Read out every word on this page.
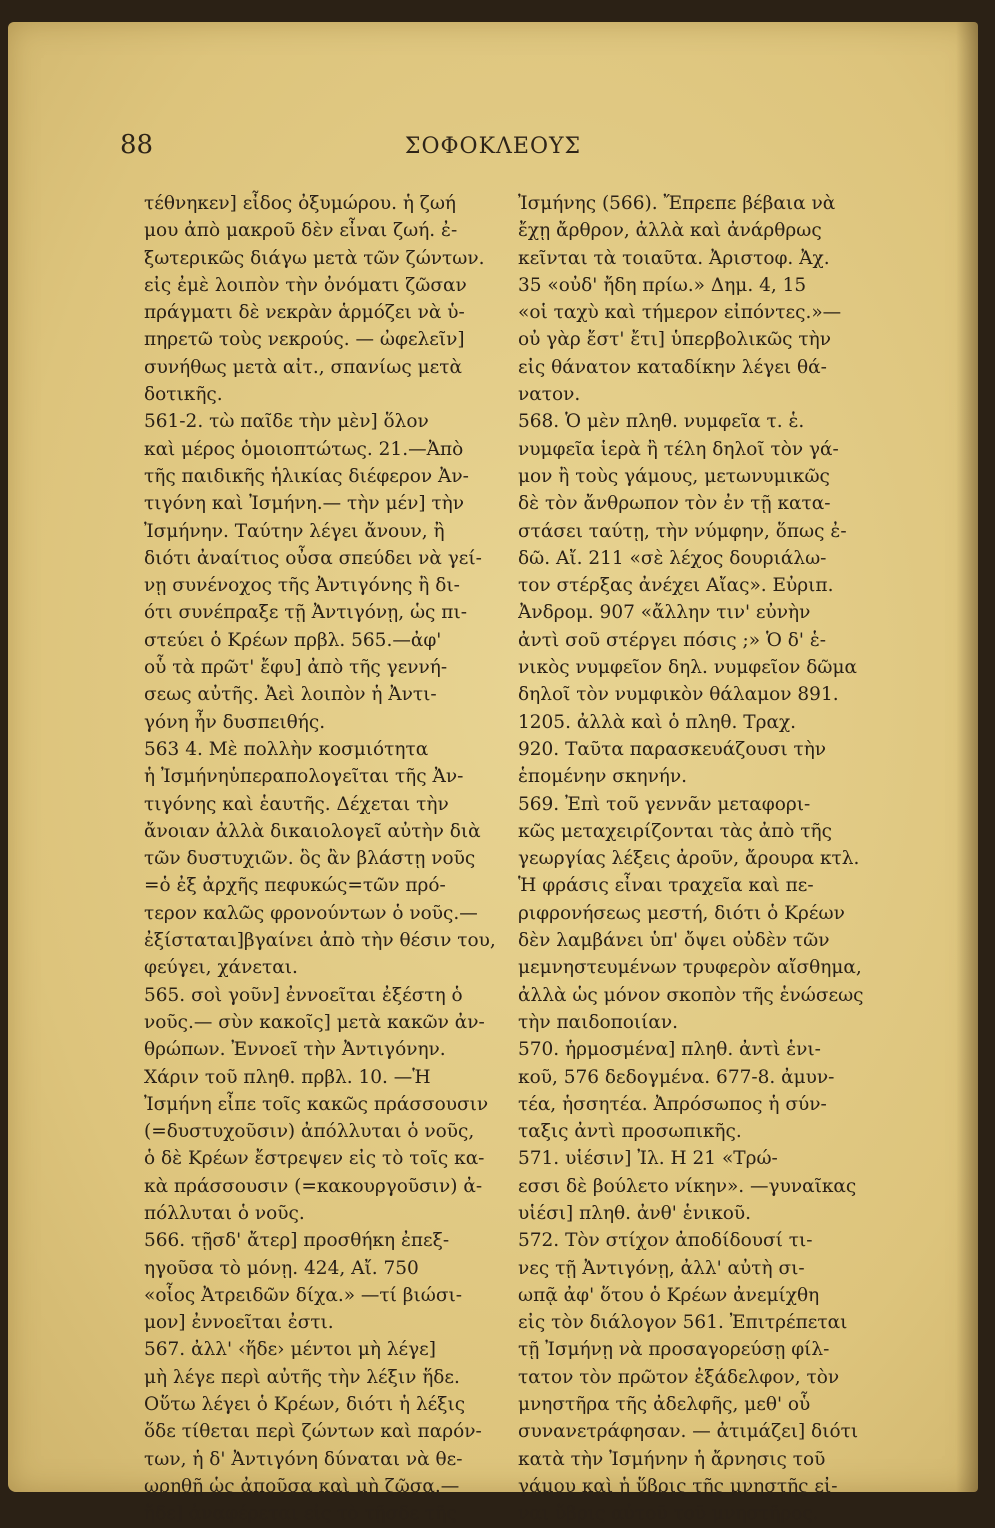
88	ΣΟΦΟΚΛΕΟΥΣ
τέθνηκεν] εἶδος ὀξυμώρου. ἡ ζωή
μου ἀπὸ μακροῦ δὲν εἶναι ζωή. ἐ-
ξωτερικῶς διάγω μετὰ τῶν ζώντων.
εἰς ἐμὲ λοιπὸν τὴν ὀνόματι ζῶσαν
πράγματι δὲ νεκρὰν ἁρμόζει νὰ ὑ-
πηρετῶ τοὺς νεκρούς. — ὠφελεῖν]
συνήθως μετὰ αἰτ., σπανίως μετὰ
δοτικῆς.
561-2. τὼ παῖδε τὴν μὲν] ὅλον
καὶ μέρος ὁμοιοπτώτως. 21.—Ἀπὸ
τῆς παιδικῆς ἡλικίας διέφερον Ἀν-
τιγόνη καὶ Ἰσμήνη.— τὴν μέν] τὴν
Ἰσμήνην. Ταύτην λέγει ἄνουν, ἢ
διότι ἀναίτιος οὖσα σπεύδει νὰ γεί-
νῃ συνένοχος τῆς Ἀντιγόνης ἢ δι-
ότι συνέπραξε τῇ Ἀντιγόνῃ, ὡς πι-
στεύει ὁ Κρέων πρβλ. 565.—ἀφ'
οὗ τὰ πρῶτ' ἔφυ] ἀπὸ τῆς γεννή-
σεως αὐτῆς. Ἀεὶ λοιπὸν ἡ Ἀντι-
γόνη ἦν δυσπειθής.
563 4. Μὲ πολλὴν κοσμιότητα
ἡ Ἰσμήνηὑπεραπολογεῖται τῆς Ἀν-
τιγόνης καὶ ἑαυτῆς. Δέχεται τὴν
ἄνοιαν ἀλλὰ δικαιολογεῖ αὐτὴν διὰ
τῶν δυστυχιῶν. ὃς ἂν βλάστῃ νοῦς
=ὁ ἐξ ἀρχῆς πεφυκώς=τῶν πρό-
τερον καλῶς φρονούντων ὁ νοῦς.—
ἐξίσταται]βγαίνει ἀπὸ τὴν θέσιν του,
φεύγει, χάνεται.
565. σοὶ γοῦν] ἐννοεῖται ἐξέστη ὁ
νοῦς.— σὺν κακοῖς] μετὰ κακῶν ἀν-
θρώπων. Ἐννοεῖ τὴν Ἀντιγόνην.
Χάριν τοῦ πληθ. πρβλ. 10. —Ἡ
Ἰσμήνη εἶπε τοῖς κακῶς πράσσουσιν
(=δυστυχοῦσιν) ἀπόλλυται ὁ νοῦς,
ὁ δὲ Κρέων ἔστρεψεν εἰς τὸ τοῖς κα-
κὰ πράσσουσιν (=κακουργοῦσιν) ἀ-
πόλλυται ὁ νοῦς.
566. τῇσδ' ἄτερ] προσθήκη ἐπεξ-
ηγοῦσα τὸ μόνῃ. 424, Αἴ. 750
«οἷος Ἀτρειδῶν δίχα.» —τί βιώσι-
μον] ἐννοεῖται ἐστι.
567. ἀλλ' ‹ἥδε› μέντοι μὴ λέγε]
μὴ λέγε περὶ αὐτῆς τὴν λέξιν ἥδε.
Οὕτω λέγει ὁ Κρέων, διότι ἡ λέξις
ὅδε τίθεται περὶ ζώντων καὶ παρόν-
των, ἡ δ' Ἀντιγόνη δύναται νὰ θε-
ωρηθῇ ὡς ἀποῦσα καὶ μὴ ζῶσα.—
ἥδε] ἀναφέρεται εἰς τὸ τῇσδε τῆς
Ἰσμήνης (566). Ἔπρεπε βέβαια νὰ
ἔχῃ ἄρθρον, ἀλλὰ καὶ ἀνάρθρως
κεῖνται τὰ τοιαῦτα. Ἀριστοφ. Ἀχ.
35 «οὐδ' ἤδη πρίω.» Δημ. 4, 15
«οἱ ταχὺ καὶ τήμερον εἰπόντες.»—
οὐ γὰρ ἔστ' ἔτι] ὑπερβολικῶς τὴν
εἰς θάνατον καταδίκην λέγει θά-
νατον.
568. Ὁ μὲν πληθ. νυμφεῖα τ. ἑ.
νυμφεῖα ἱερὰ ἢ τέλη δηλοῖ τὸν γά-
μον ἢ τοὺς γάμους, μετωνυμικῶς
δὲ τὸν ἄνθρωπον τὸν ἐν τῇ κατα-
στάσει ταύτῃ, τὴν νύμφην, ὅπως ἐ-
δῶ. Αἴ. 211 «σὲ λέχος δουριάλω-
τον στέρξας ἀνέχει Αἴας». Εὐριπ.
Ἀνδρομ. 907 «ἄλλην τιν' εὐνὴν
ἀντὶ σοῦ στέργει πόσις ;» Ὁ δ' ἑ-
νικὸς νυμφεῖον δηλ. νυμφεῖον δῶμα
δηλοῖ τὸν νυμφικὸν θάλαμον 891.
1205. ἀλλὰ καὶ ὁ πληθ. Τραχ.
920. Ταῦτα παρασκευάζουσι τὴν
ἑπομένην σκηνήν.
569. Ἐπὶ τοῦ γεννᾶν μεταφορι-
κῶς μεταχειρίζονται τὰς ἀπὸ τῆς
γεωργίας λέξεις ἀροῦν, ἄρουρα κτλ.
Ἡ φράσις εἶναι τραχεῖα καὶ πε-
ριφρονήσεως μεστή, διότι ὁ Κρέων
δὲν λαμβάνει ὑπ' ὄψει οὐδὲν τῶν
μεμνηστευμένων τρυφερὸν αἴσθημα,
ἀλλὰ ὡς μόνον σκοπὸν τῆς ἑνώσεως
τὴν παιδοποιίαν.
570. ἡρμοσμένα] πληθ. ἀντὶ ἑνι-
κοῦ, 576 δεδογμένα. 677-8. ἀμυν-
τέα, ἡσσητέα. Ἀπρόσωπος ἡ σύν-
ταξις ἀντὶ προσωπικῆς.
571. υἱέσιν] Ἰλ. Η 21 «Τρώ-
εσσι δὲ βούλετο νίκην». —γυναῖκας
υἱέσι] πληθ. ἀνθ' ἑνικοῦ.
572. Τὸν στίχον ἀποδίδουσί τι-
νες τῇ Ἀντιγόνῃ, ἀλλ' αὐτὴ σι-
ωπᾷ ἀφ' ὅτου ὁ Κρέων ἀνεμίχθη
εἰς τὸν διάλογον 561. Ἐπιτρέπεται
τῇ Ἰσμήνῃ νὰ προσαγορεύσῃ φίλ-
τατον τὸν πρῶτον ἐξάδελφον, τὸν
μνηστῆρα τῆς ἀδελφῆς, μεθ' οὗ
συνανετράφησαν. — ἀτιμάζει] διότι
κατὰ τὴν Ἰσμήνην ἡ ἄρνησις τοῦ
γάμου καὶ ἡ ὕβρις τῆς μνηστῆς εἰ-
ναι ὕβρις αὐτοῦ τοῦ μνηστῆρος.
